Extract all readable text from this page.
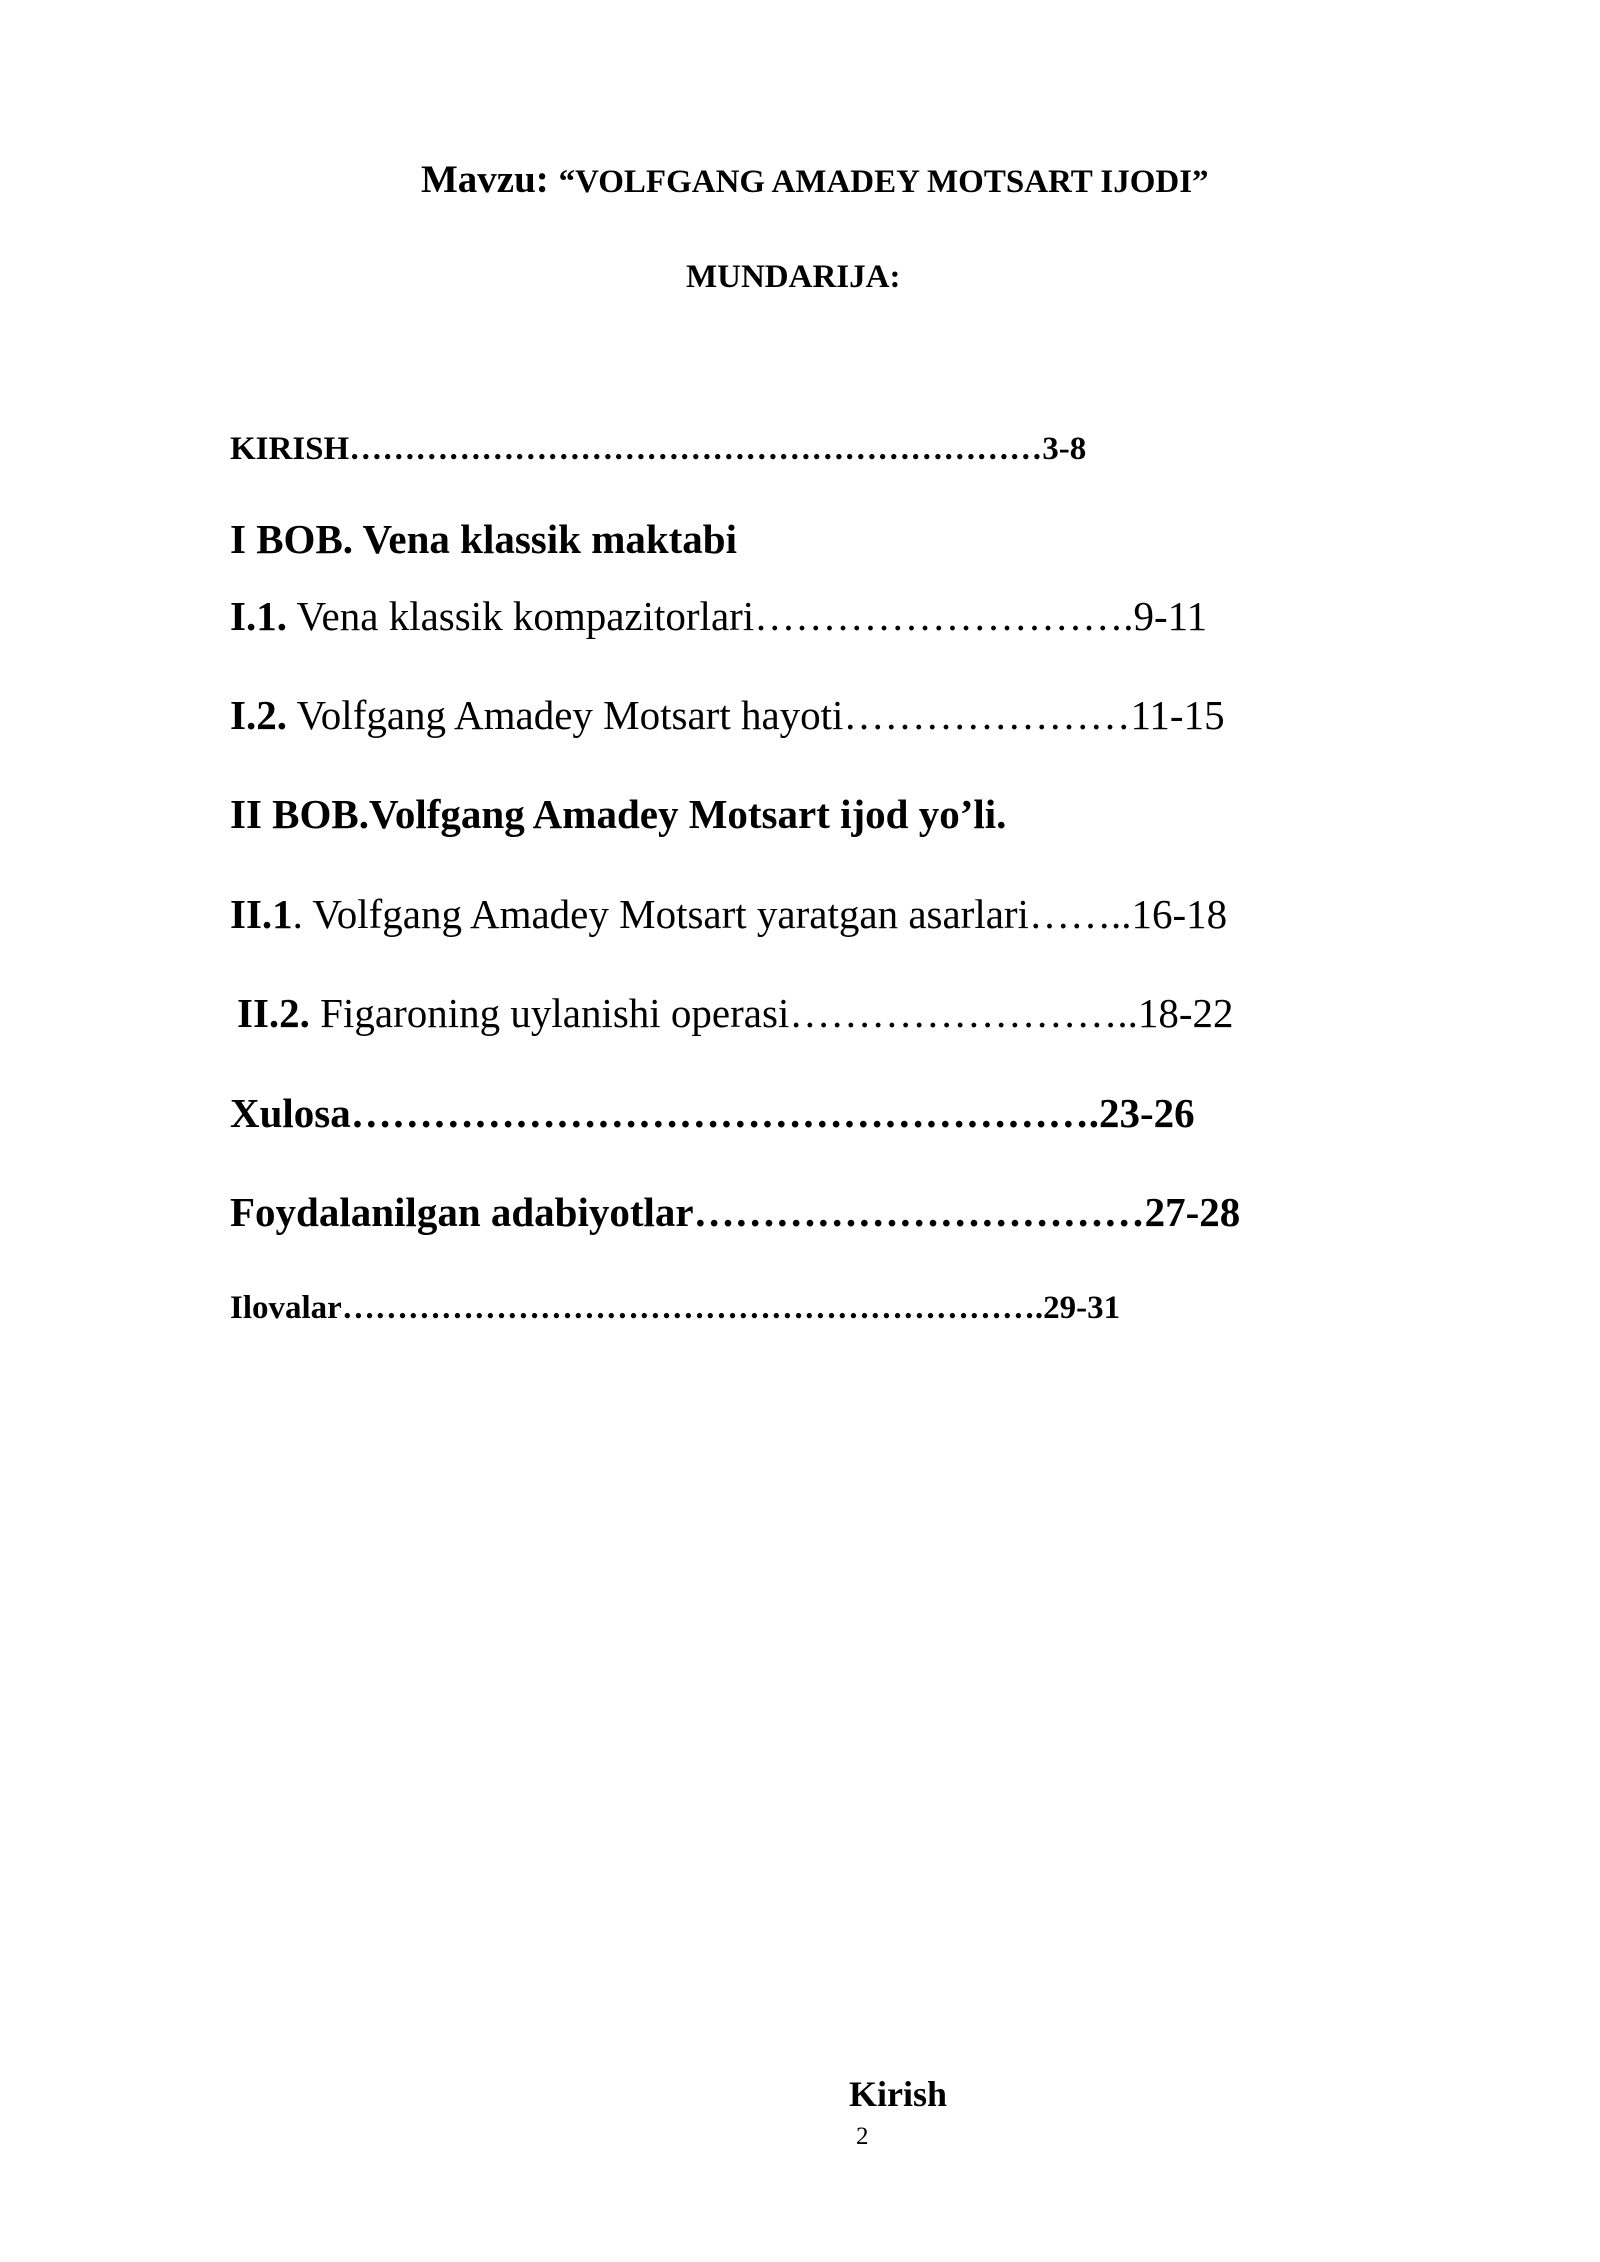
Mavzu: “VOLFGANG AMADEY MOTSART IJODI”
MUNDARIJA:
KIRISH………………………………………………………3-8
I BOB. Vena klassik maktabi
I.1. Vena klassik kompazitorlari……………………….9-11
I.2. Volfgang Amadey Motsart hayoti…………………11-15
II BOB.Volfgang Amadey Motsart ijod yo’li.
II.1. Volfgang Amadey Motsart yaratgan asarlari……..16-18
II.2. Figaroning uylanishi operasi……………………..18-22
Xulosa……………………………………………….23-26
Foydalanilgan adabiyotlar……………………………27-28
Ilovalar……………………………………………………….29-31
Kirish
2
